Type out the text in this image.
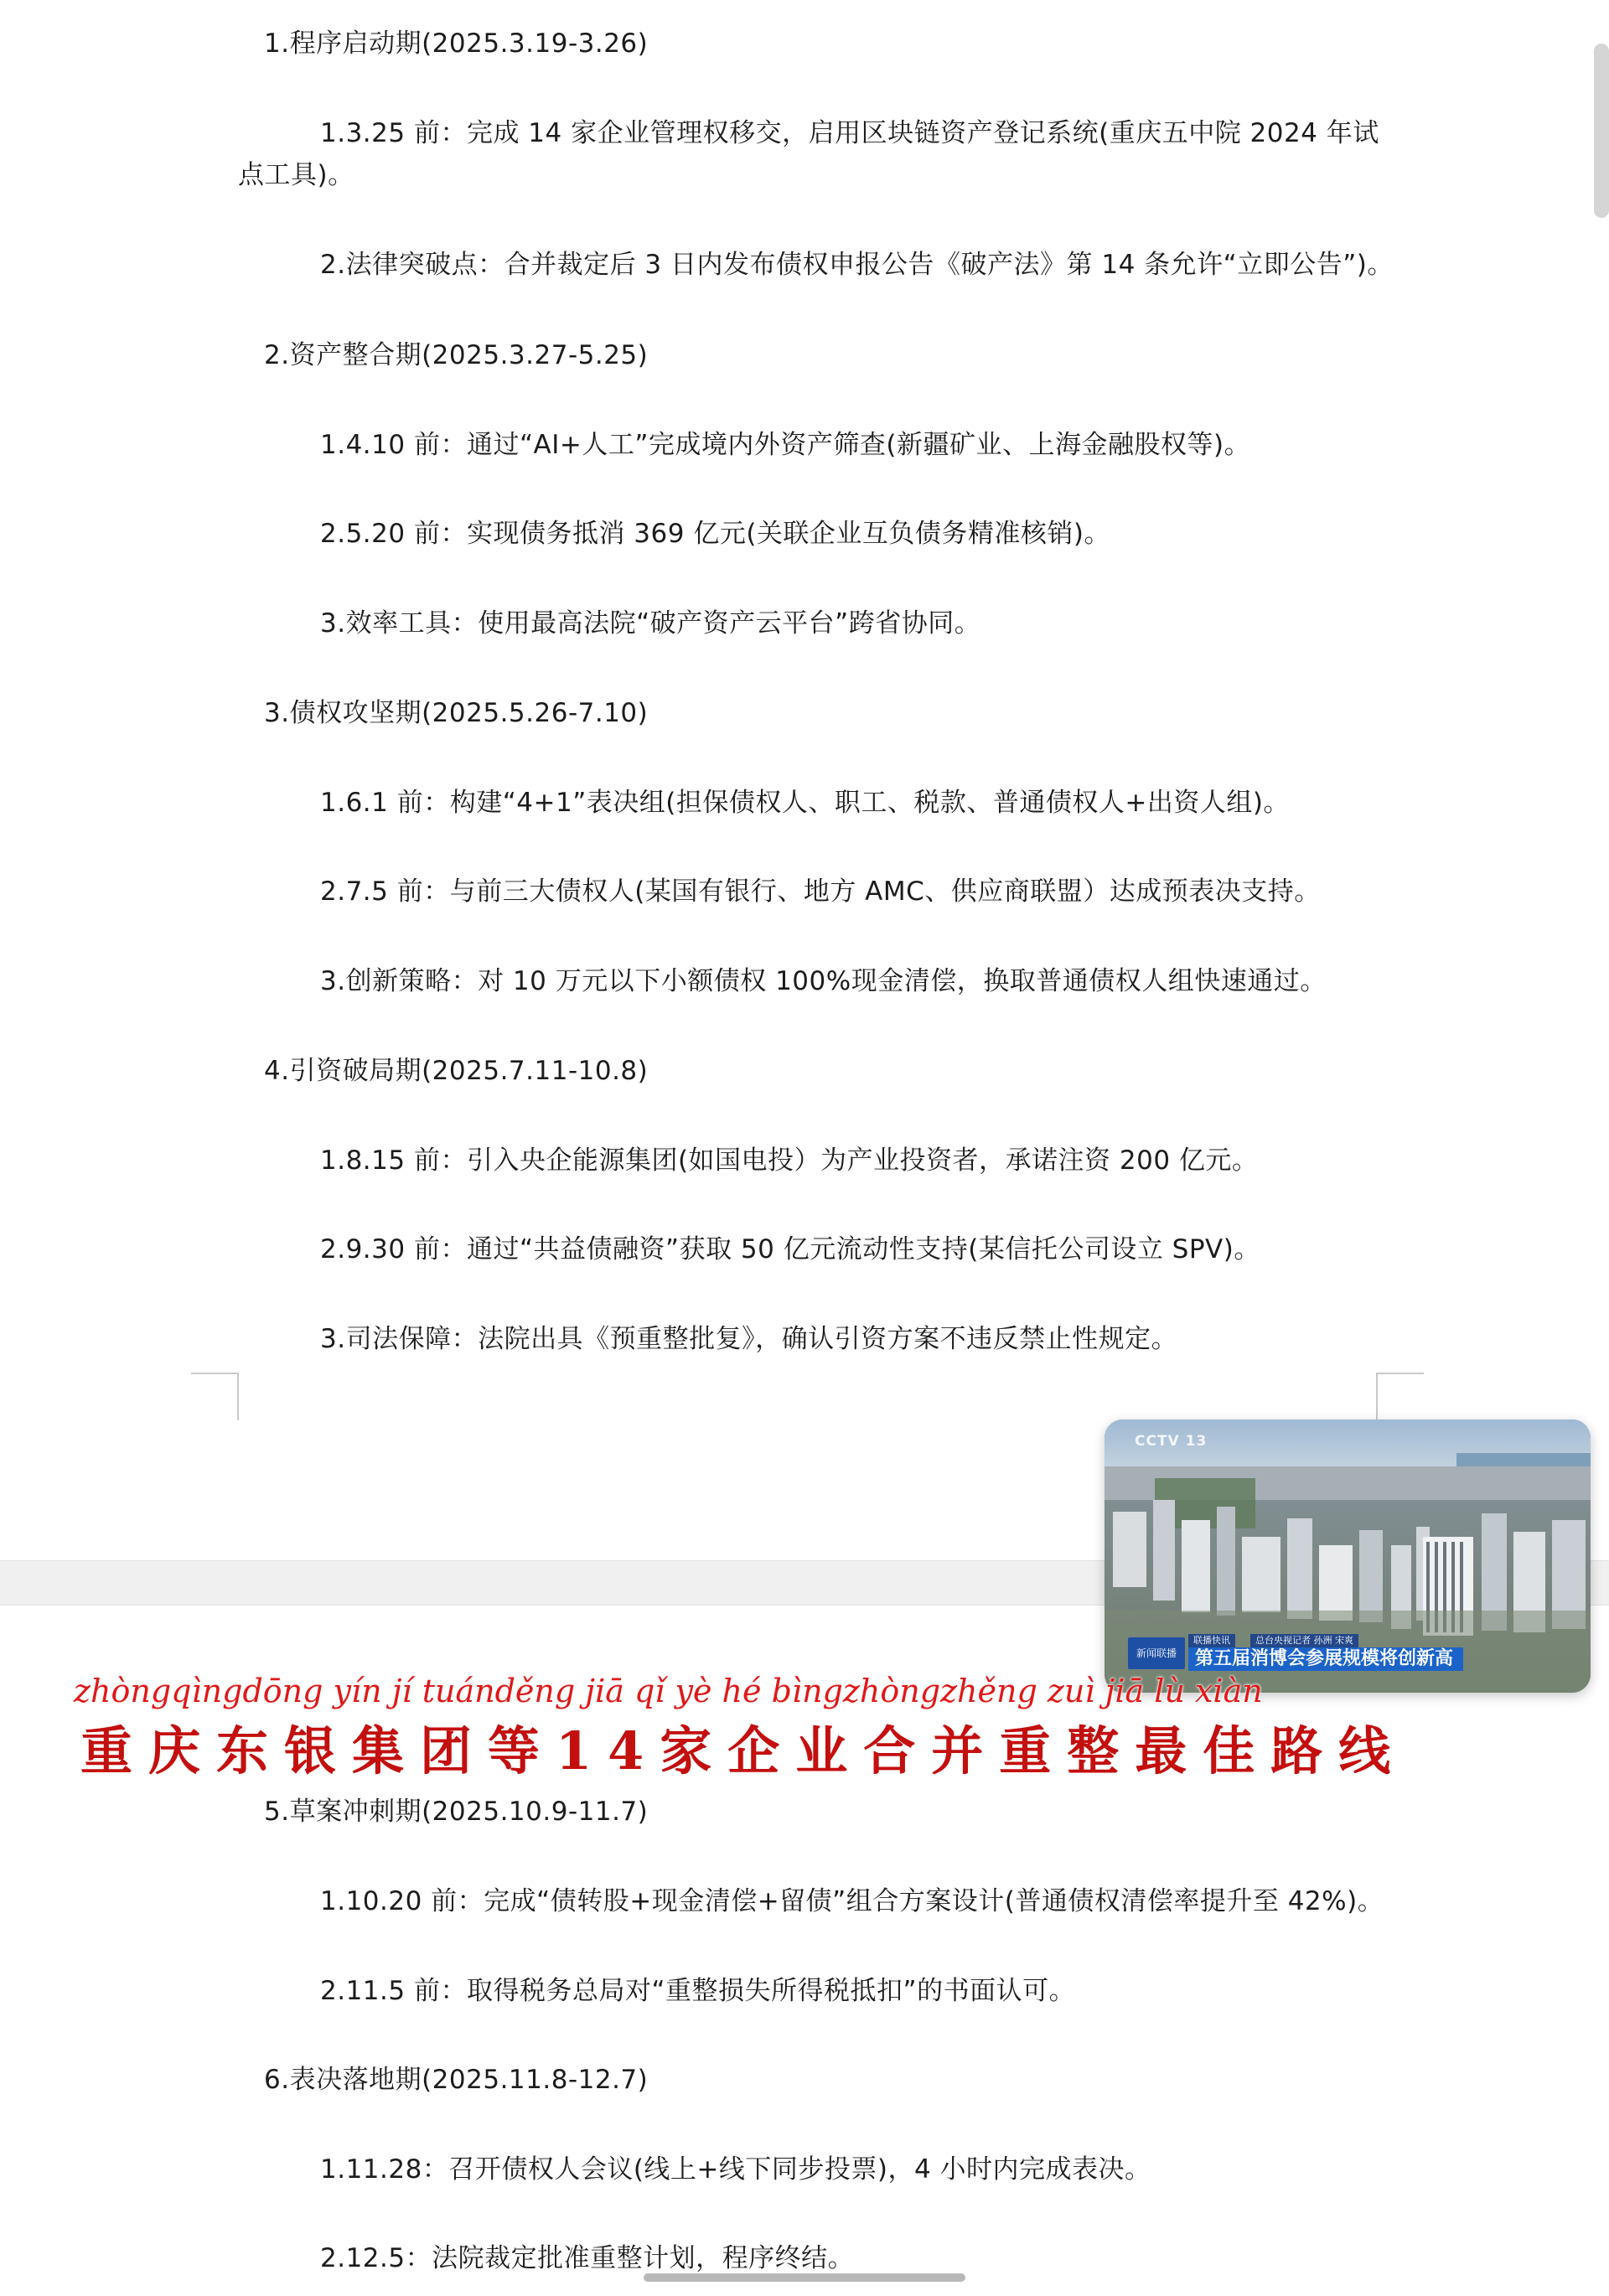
1.程序启动期(2025.3.19-3.26)
1.3.25 前：完成 14 家企业管理权移交，启用区块链资产登记系统(重庆五中院 2024 年试点工具)。
2.法律突破点：合并裁定后 3 日内发布债权申报公告《破产法》第 14 条允许“立即公告”)。
2.资产整合期(2025.3.27-5.25)
1.4.10 前：通过“AI+人工”完成境内外资产筛查(新疆矿业、上海金融股权等)。
2.5.20 前：实现债务抵消 369 亿元(关联企业互负债务精准核销)。
3.效率工具：使用最高法院“破产资产云平台”跨省协同。
3.债权攻坚期(2025.5.26-7.10)
1.6.1 前：构建“4+1”表决组(担保债权人、职工、税款、普通债权人+出资人组)。
2.7.5 前：与前三大债权人(某国有银行、地方 AMC、供应商联盟）达成预表决支持。
3.创新策略：对 10 万元以下小额债权 100%现金清偿，换取普通债权人组快速通过。
4.引资破局期(2025.7.11-10.8)
1.8.15 前：引入央企能源集团(如国电投）为产业投资者，承诺注资 200 亿元。
2.9.30 前：通过“共益债融资”获取 50 亿元流动性支持(某信托公司设立 SPV)。
3.司法保障：法院出具《预重整批复》，确认引资方案不违反禁止性规定。
5.草案冲刺期(2025.10.9-11.7)
1.10.20 前：完成“债转股+现金清偿+留债”组合方案设计(普通债权清偿率提升至 42%)。
2.11.5 前：取得税务总局对“重整损失所得税抵扣”的书面认可。
6.表决落地期(2025.11.8-12.7)
1.11.28：召开债权人会议(线上+线下同步投票)，4 小时内完成表决。
2.12.5：法院裁定批准重整计划，程序终结。
CCTV 13
新闻联播
联播快讯	总台央视记者 孙洲 宋爽
第五届消博会参展规模将创新高
zhòngqìngdōng yín jí tuánděng jiā qǐ yè hé bìngzhòngzhěng zuì jiā lù xiàn
重庆东银集团等14家企业合并重整最佳路线
